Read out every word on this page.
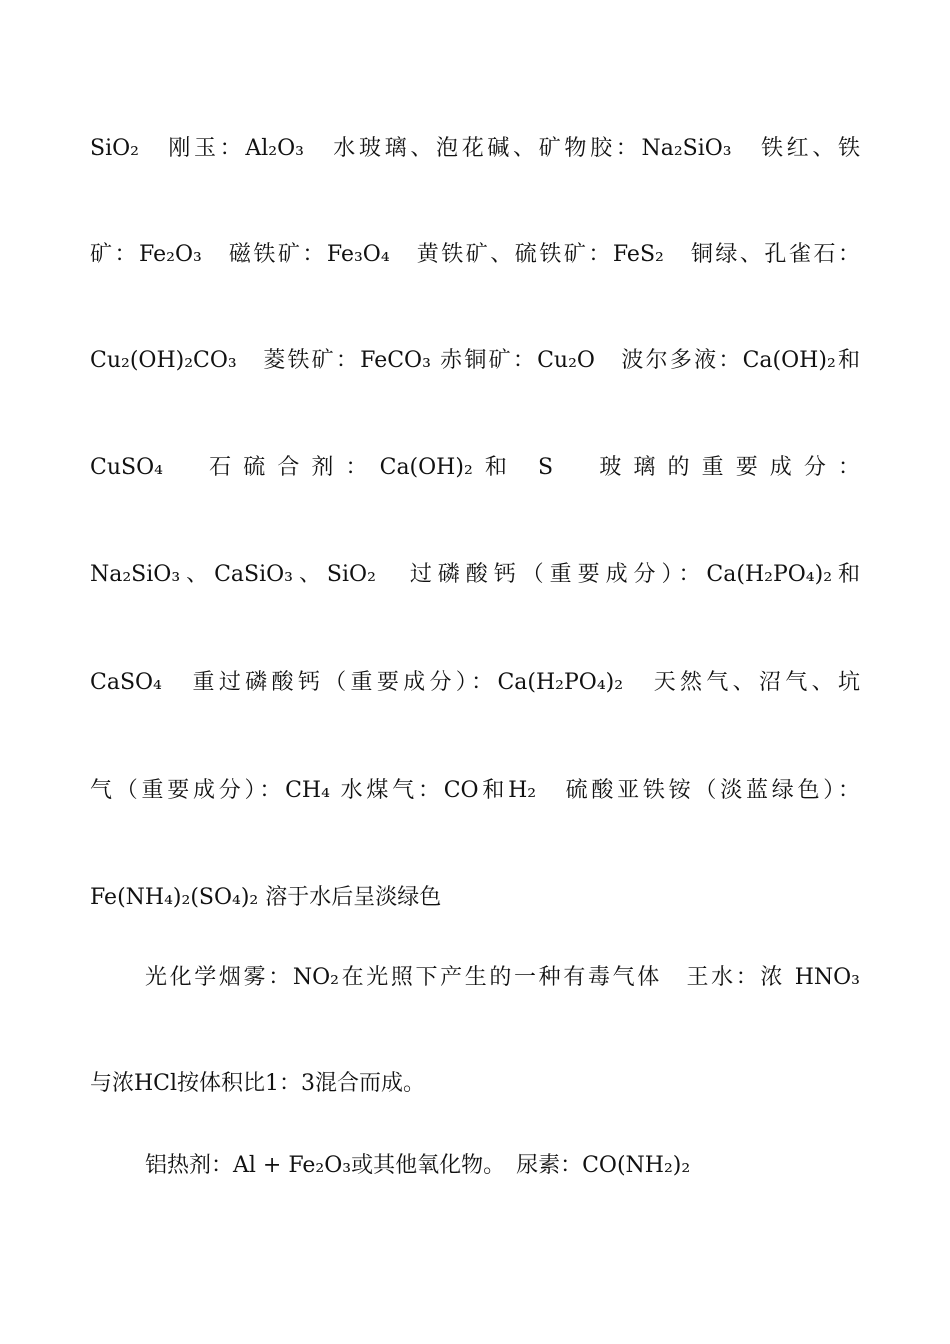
SiO₂　刚玉：Al₂O₃　水玻璃、泡花碱、矿物胶：Na₂SiO₃　铁红、铁

矿：Fe₂O₃　磁铁矿：Fe₃O₄　黄铁矿、硫铁矿：FeS₂　铜绿、孔雀石：

Cu₂(OH)₂CO₃　菱铁矿：FeCO₃ 赤铜矿：Cu₂O　波尔多液：Ca(OH)₂和

CuSO₄　石硫合剂：Ca(OH)₂和 S　玻璃的重要成分：

Na₂SiO₃、CaSiO₃、SiO₂　过磷酸钙（重要成分）：Ca(H₂PO₄)₂和

CaSO₄　重过磷酸钙（重要成分）：Ca(H₂PO₄)₂　天然气、沼气、坑

气（重要成分）：CH₄ 水煤气：CO和H₂　硫酸亚铁铵（淡蓝绿色）：

Fe(NH₄)₂(SO₄)₂ 溶于水后呈淡绿色

光化学烟雾：NO₂在光照下产生的一种有毒气体　王水：浓 HNO₃

与浓HCl按体积比1：3混合而成。

铝热剂：Al + Fe₂O₃或其他氧化物。　尿素：CO(NH₂)₂
